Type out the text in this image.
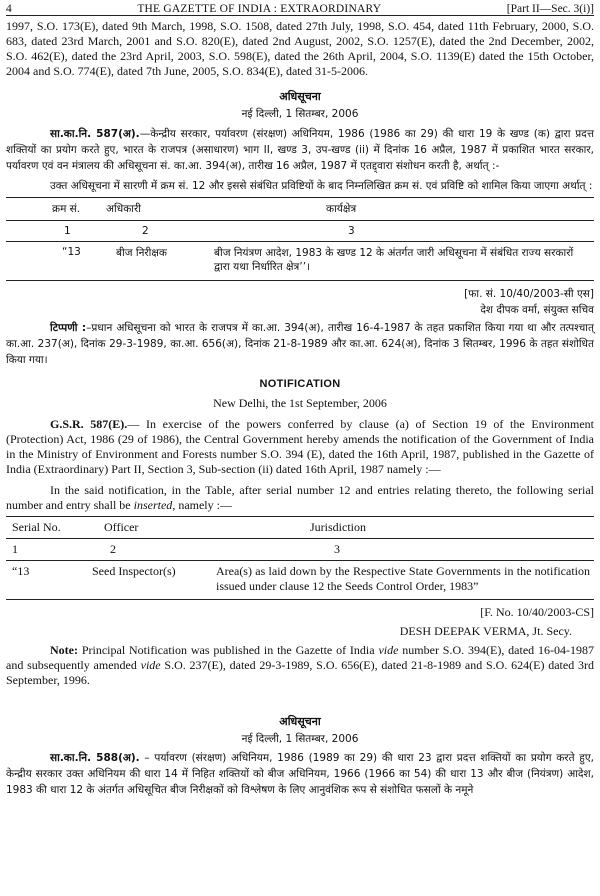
4	THE GAZETTE OF INDIA : EXTRAORDINARY	[Part II—Sec. 3(i)]

1997, S.O. 173(E), dated 9th March, 1998, S.O. 1508, dated 27th July, 1998, S.O. 454, dated 11th February, 2000, S.O. 683, dated 23rd March, 2001 and S.O. 820(E), dated 2nd August, 2002, S.O. 1257(E), dated the 2nd December, 2002, S.O. 462(E), dated the 23rd April, 2003, S.O. 598(E), dated the 26th April, 2004, S.O. 1139(E) dated the 15th October, 2004 and S.O. 774(E), dated 7th June, 2005, S.O. 834(E), dated 31-5-2006.

अधिसूचना

नई दिल्ली, 1 सितम्बर, 2006

सा.का.नि. 587(अ).—केन्द्रीय सरकार, पर्यावरण (संरक्षण) अधिनियम, 1986 (1986 का 29) की धारा 19 के खण्ड (क) द्वारा प्रदत्त शक्तियों का प्रयोग करते हुए, भारत के राजपत्र (असाधारण) भाग II, खण्ड 3, उप-खण्ड (ii) में दिनांक 16 अप्रैल, 1987 में प्रकाशित भारत सरकार, पर्यावरण एवं वन मंत्रालय की अधिसूचना सं. का.आ. 394(अ), तारीख 16 अप्रैल, 1987 में एतद्द्वारा संशोधन करती है, अर्थात् :-

उक्त अधिसूचना में सारणी में क्रम सं. 12 और इससे संबंधित प्रविष्टियों के बाद निम्नलिखित क्रम सं. एवं प्रविष्टि को शामिल किया जाएगा अर्थात् :

क्रम सं.	अधिकारी	कार्यक्षेत्र
1	2	3
“13	बीज निरीक्षक	बीज नियंत्रण आदेश, 1983 के खण्ड 12 के अंतर्गत जारी अधिसूचना में संबंधित राज्य सरकारों द्वारा यथा निर्धारित क्षेत्र’’।

[फा. सं. 10/40/2003-सी एस]

देश दीपक वर्मा, संयुक्त सचिव

टिप्पणी :–प्रधान अधिसूचना को भारत के राजपत्र में का.आ. 394(अ), तारीख 16-4-1987 के तहत प्रकाशित किया गया था और तत्पश्चात् का.आ. 237(अ), दिनांक 29-3-1989, का.आ. 656(अ), दिनांक 21-8-1989 और का.आ. 624(अ), दिनांक 3 सितम्बर, 1996 के तहत संशोधित किया गया।

NOTIFICATION

New Delhi, the 1st September, 2006

G.S.R. 587(E).— In exercise of the powers conferred by clause (a) of Section 19 of the Environment (Protection) Act, 1986 (29 of 1986), the Central Government hereby amends the notification of the Government of India in the Ministry of Environment and Forests number S.O. 394 (E), dated the 16th April, 1987, published in the Gazette of India (Extraordinary) Part II, Section 3, Sub-section (ii) dated 16th April, 1987 namely :—

In the said notification, in the Table, after serial number 12 and entries relating thereto, the following serial number and entry shall be inserted, namely :—

Serial No.	Officer	Jurisdiction
1	2	3
“13	Seed Inspector(s)	Area(s) as laid down by the Respective State Governments in the notification issued under clause 12 the Seeds Control Order, 1983”

[F. No. 10/40/2003-CS]

DESH DEEPAK VERMA, Jt. Secy.

Note: Principal Notification was published in the Gazette of India vide number S.O. 394(E), dated 16-04-1987 and subsequently amended vide S.O. 237(E), dated 29-3-1989, S.O. 656(E), dated 21-8-1989 and S.O. 624(E) dated 3rd September, 1996.

अधिसूचना

नई दिल्ली, 1 सितम्बर, 2006

सा.का.नि. 588(अ). – पर्यावरण (संरक्षण) अधिनियम, 1986 (1989 का 29) की धारा 23 द्वारा प्रदत्त शक्तियों का प्रयोग करते हुए, केन्द्रीय सरकार उक्त अधिनियम की धारा 14 में निहित शक्तियों को बीज अधिनियम, 1966 (1966 का 54) की धारा 13 और बीज (नियंत्रण) आदेश, 1983 की धारा 12 के अंतर्गत अधिसूचित बीज निरीक्षकों को विश्लेषण के लिए आनुवंशिक रूप से संशोधित फसलों के नमूने
